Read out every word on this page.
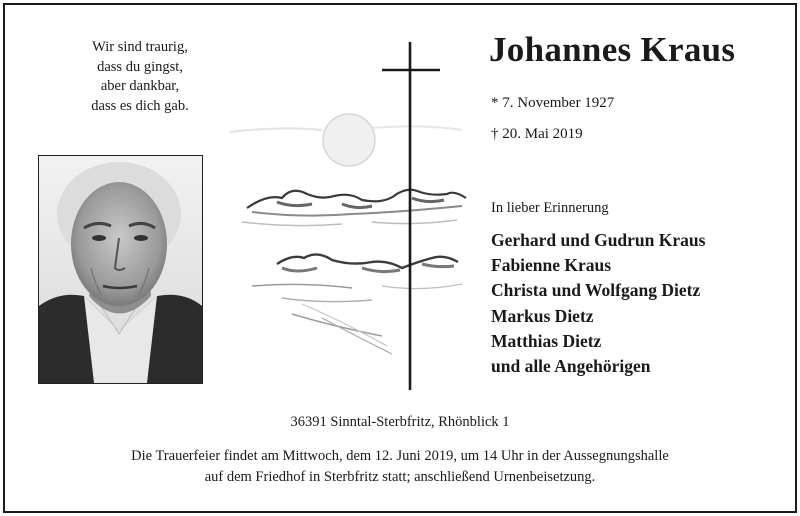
Wir sind traurig,
dass du gingst,
aber dankbar,
dass es dich gab.
Johannes Kraus
* 7. November 1927
† 20. Mai 2019
In lieber Erinnerung
Gerhard und Gudrun Kraus
Fabienne Kraus
Christa und Wolfgang Dietz
Markus Dietz
Matthias Dietz
und alle Angehörigen
36391 Sinntal-Sterbfritz, Rhönblick 1
Die Trauerfeier findet am Mittwoch, dem 12. Juni 2019, um 14 Uhr in der Aussegnungshalle
auf dem Friedhof in Sterbfritz statt; anschließend Urnenbeisetzung.
